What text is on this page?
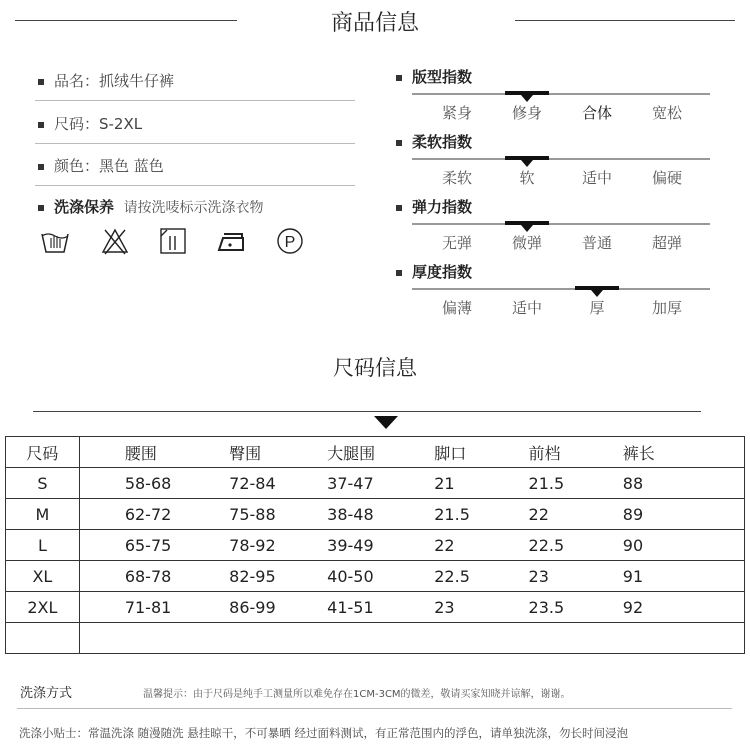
商品信息
品名：抓绒牛仔裤
尺码：S-2XL
颜色：黑色 蓝色
洗涤保养 请按洗唛标示洗涤衣物
P
版型指数
紧身	修身	合体	宽松
柔软指数
柔软	软	适中	偏硬
弹力指数
无弹	微弹	普通	超弹
厚度指数
偏薄	适中	厚	加厚
尺码信息
尺码	腰围	臀围	大腿围	脚口	前档	裤长
S	58-68	72-84	37-47	21	21.5	88
M	62-72	75-88	38-48	21.5	22	89
L	65-75	78-92	39-49	22	22.5	90
XL	68-78	82-95	40-50	22.5	23	91
2XL	71-81	86-99	41-51	23	23.5	92

洗涤方式	温馨提示：由于尺码是纯手工测量所以难免存在1CM-3CM的微差，敬请买家知晓并谅解，谢谢。
洗涤小贴士：常温洗涤 随漫随洗 悬挂晾干，不可暴晒 经过面料测试，有正常范围内的浮色，请单独洗涤，勿长时间浸泡
